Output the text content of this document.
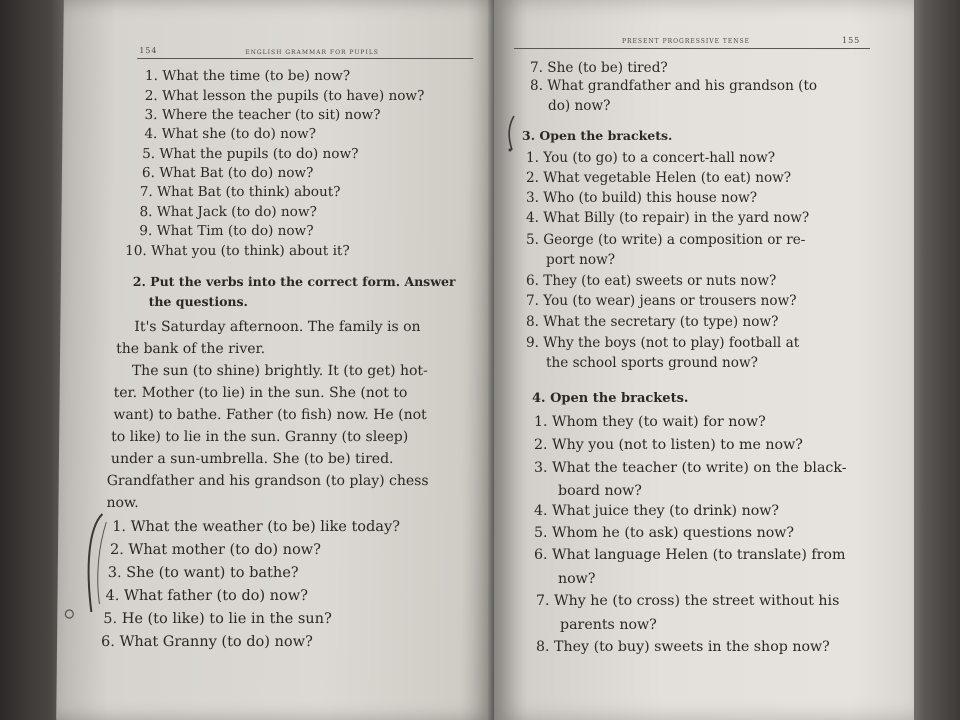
154	ENGLISH GRAMMAR FOR PUPILS
1. What the time (to be) now?
2. What lesson the pupils (to have) now?
3. Where the teacher (to sit) now?
4. What she (to do) now?
5. What the pupils (to do) now?
6. What Bat (to do) now?
7. What Bat (to think) about?
8. What Jack (to do) now?
9. What Tim (to do) now?
10. What you (to think) about it?
2. Put the verbs into the correct form. Answer
the questions.
It's Saturday afternoon. The family is on
the bank of the river.
The sun (to shine) brightly. It (to get) hot-
ter. Mother (to lie) in the sun. She (not to
want) to bathe. Father (to fish) now. He (not
to like) to lie in the sun. Granny (to sleep)
under a sun-umbrella. She (to be) tired.
Grandfather and his grandson (to play) chess
now.
1. What the weather (to be) like today?
2. What mother (to do) now?
3. She (to want) to bathe?
4. What father (to do) now?
5. He (to like) to lie in the sun?
6. What Granny (to do) now?
PRESENT PROGRESSIVE TENSE	155
7. She (to be) tired?
8. What grandfather and his grandson (to
do) now?
3. Open the brackets.
1. You (to go) to a concert-hall now?
2. What vegetable Helen (to eat) now?
3. Who (to build) this house now?
4. What Billy (to repair) in the yard now?
5. George (to write) a composition or re-
port now?
6. They (to eat) sweets or nuts now?
7. You (to wear) jeans or trousers now?
8. What the secretary (to type) now?
9. Why the boys (not to play) football at
the school sports ground now?
4. Open the brackets.
1. Whom they (to wait) for now?
2. Why you (not to listen) to me now?
3. What the teacher (to write) on the black-
board now?
4. What juice they (to drink) now?
5. Whom he (to ask) questions now?
6. What language Helen (to translate) from
now?
7. Why he (to cross) the street without his
parents now?
8. They (to buy) sweets in the shop now?
